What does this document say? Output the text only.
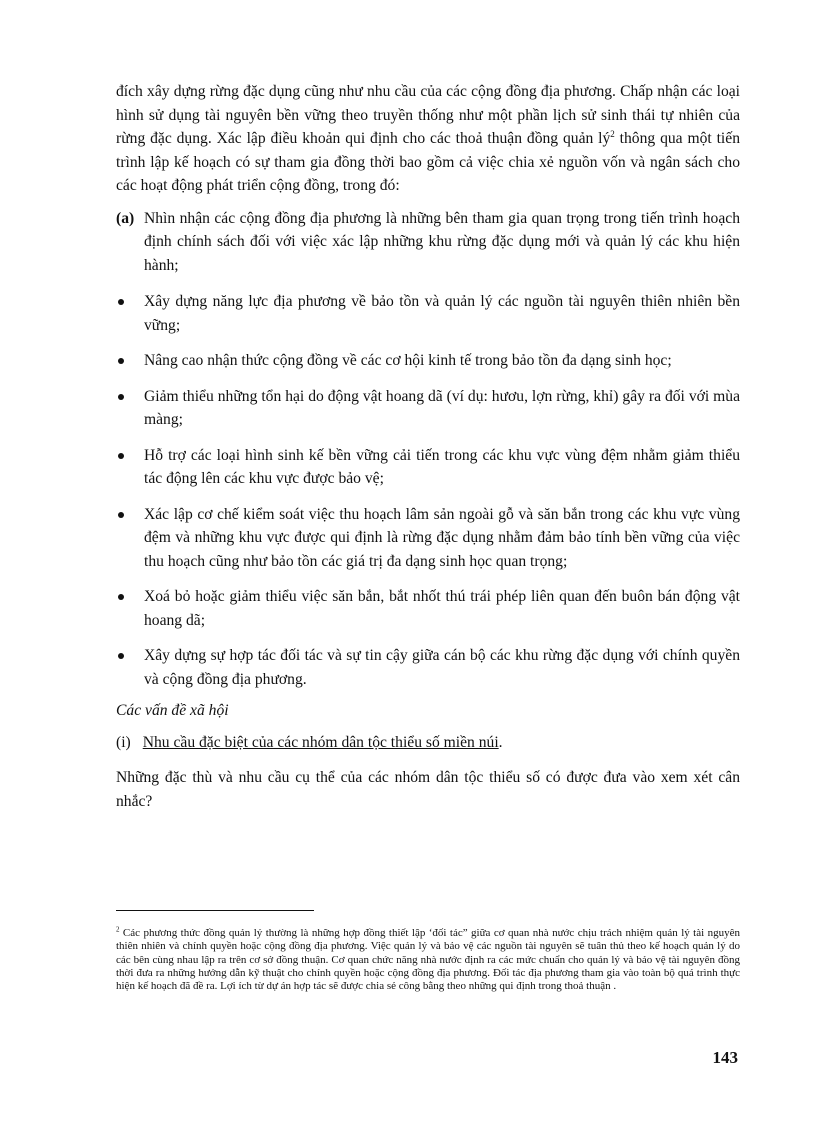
đích xây dựng rừng đặc dụng cũng như nhu cầu của các cộng đồng địa phương. Chấp nhận các loại hình sử dụng tài nguyên bền vững theo truyền thống như một phần lịch sử sinh thái tự nhiên của rừng đặc dụng. Xác lập điều khoản qui định cho các thoả thuận đồng quản $lý^2$ thông qua một tiến trình lập kế hoạch có sự tham gia đồng thời bao gồm cả việc chia xẻ nguồn vốn và ngân sách cho các hoạt động phát triển cộng đồng, trong đó:

(a) Nhìn nhận các cộng đồng địa phương là những bên tham gia quan trọng trong tiến trình hoạch định chính sách đối với việc xác lập những khu rừng đặc dụng mới và quản lý các khu hiện hành;
Xây dựng năng lực địa phương về bảo tồn và quản lý các nguồn tài nguyên thiên nhiên bền vững;
Nâng cao nhận thức cộng đồng về các cơ hội kinh tế trong bảo tồn đa dạng sinh học;
Giảm thiểu những tổn hại do động vật hoang dã (ví dụ: hươu, lợn rừng, khỉ) gây ra đối với mùa màng;
Hỗ trợ các loại hình sinh kế bền vững cải tiến trong các khu vực vùng đệm nhằm giảm thiểu tác động lên các khu vực được bảo vệ;
Xác lập cơ chế kiểm soát việc thu hoạch lâm sản ngoài gỗ và săn bắn trong các khu vực vùng đệm và những khu vực được qui định là rừng đặc dụng nhằm đảm bảo tính bền vững của việc thu hoạch cũng như bảo tồn các giá trị đa dạng sinh học quan trọng;
Xoá bỏ hoặc giảm thiểu việc săn bắn, bắt nhốt thú trái phép liên quan đến buôn bán động vật hoang dã;
Xây dựng sự hợp tác đối tác và sự tin cậy giữa cán bộ các khu rừng đặc dụng với chính quyền và cộng đồng địa phương.

Các vấn đề xã hội

(i) Nhu cầu đặc biệt của các nhóm dân tộc thiểu số miền núi.

Những đặc thù và nhu cầu cụ thể của các nhóm dân tộc thiểu số có được đưa vào xem xét cân nhắc?

$^2$ Các phương thức đồng quản lý thường là những hợp đồng thiết lập ‘đối tác” giữa cơ quan nhà nước chịu trách nhiệm quản lý tài nguyên thiên nhiên và chính quyền hoặc cộng đồng địa phương. Việc quản lý và bảo vệ các nguồn tài nguyên sẽ tuân thủ theo kế hoạch quản lý do các bên cùng nhau lập ra trên cơ sở đồng thuận. Cơ quan chức năng nhà nước định ra các mức chuẩn cho quản lý và bảo vệ tài nguyên đồng thời đưa ra những hướng dẫn kỹ thuật cho chính quyền hoặc cộng đồng địa phương. Đối tác địa phương tham gia vào toàn bộ quá trình thực hiện kế hoạch đã đề ra. Lợi ích từ dự án hợp tác sẽ được chia sẻ công bằng theo những qui định trong thoả thuận .
143
